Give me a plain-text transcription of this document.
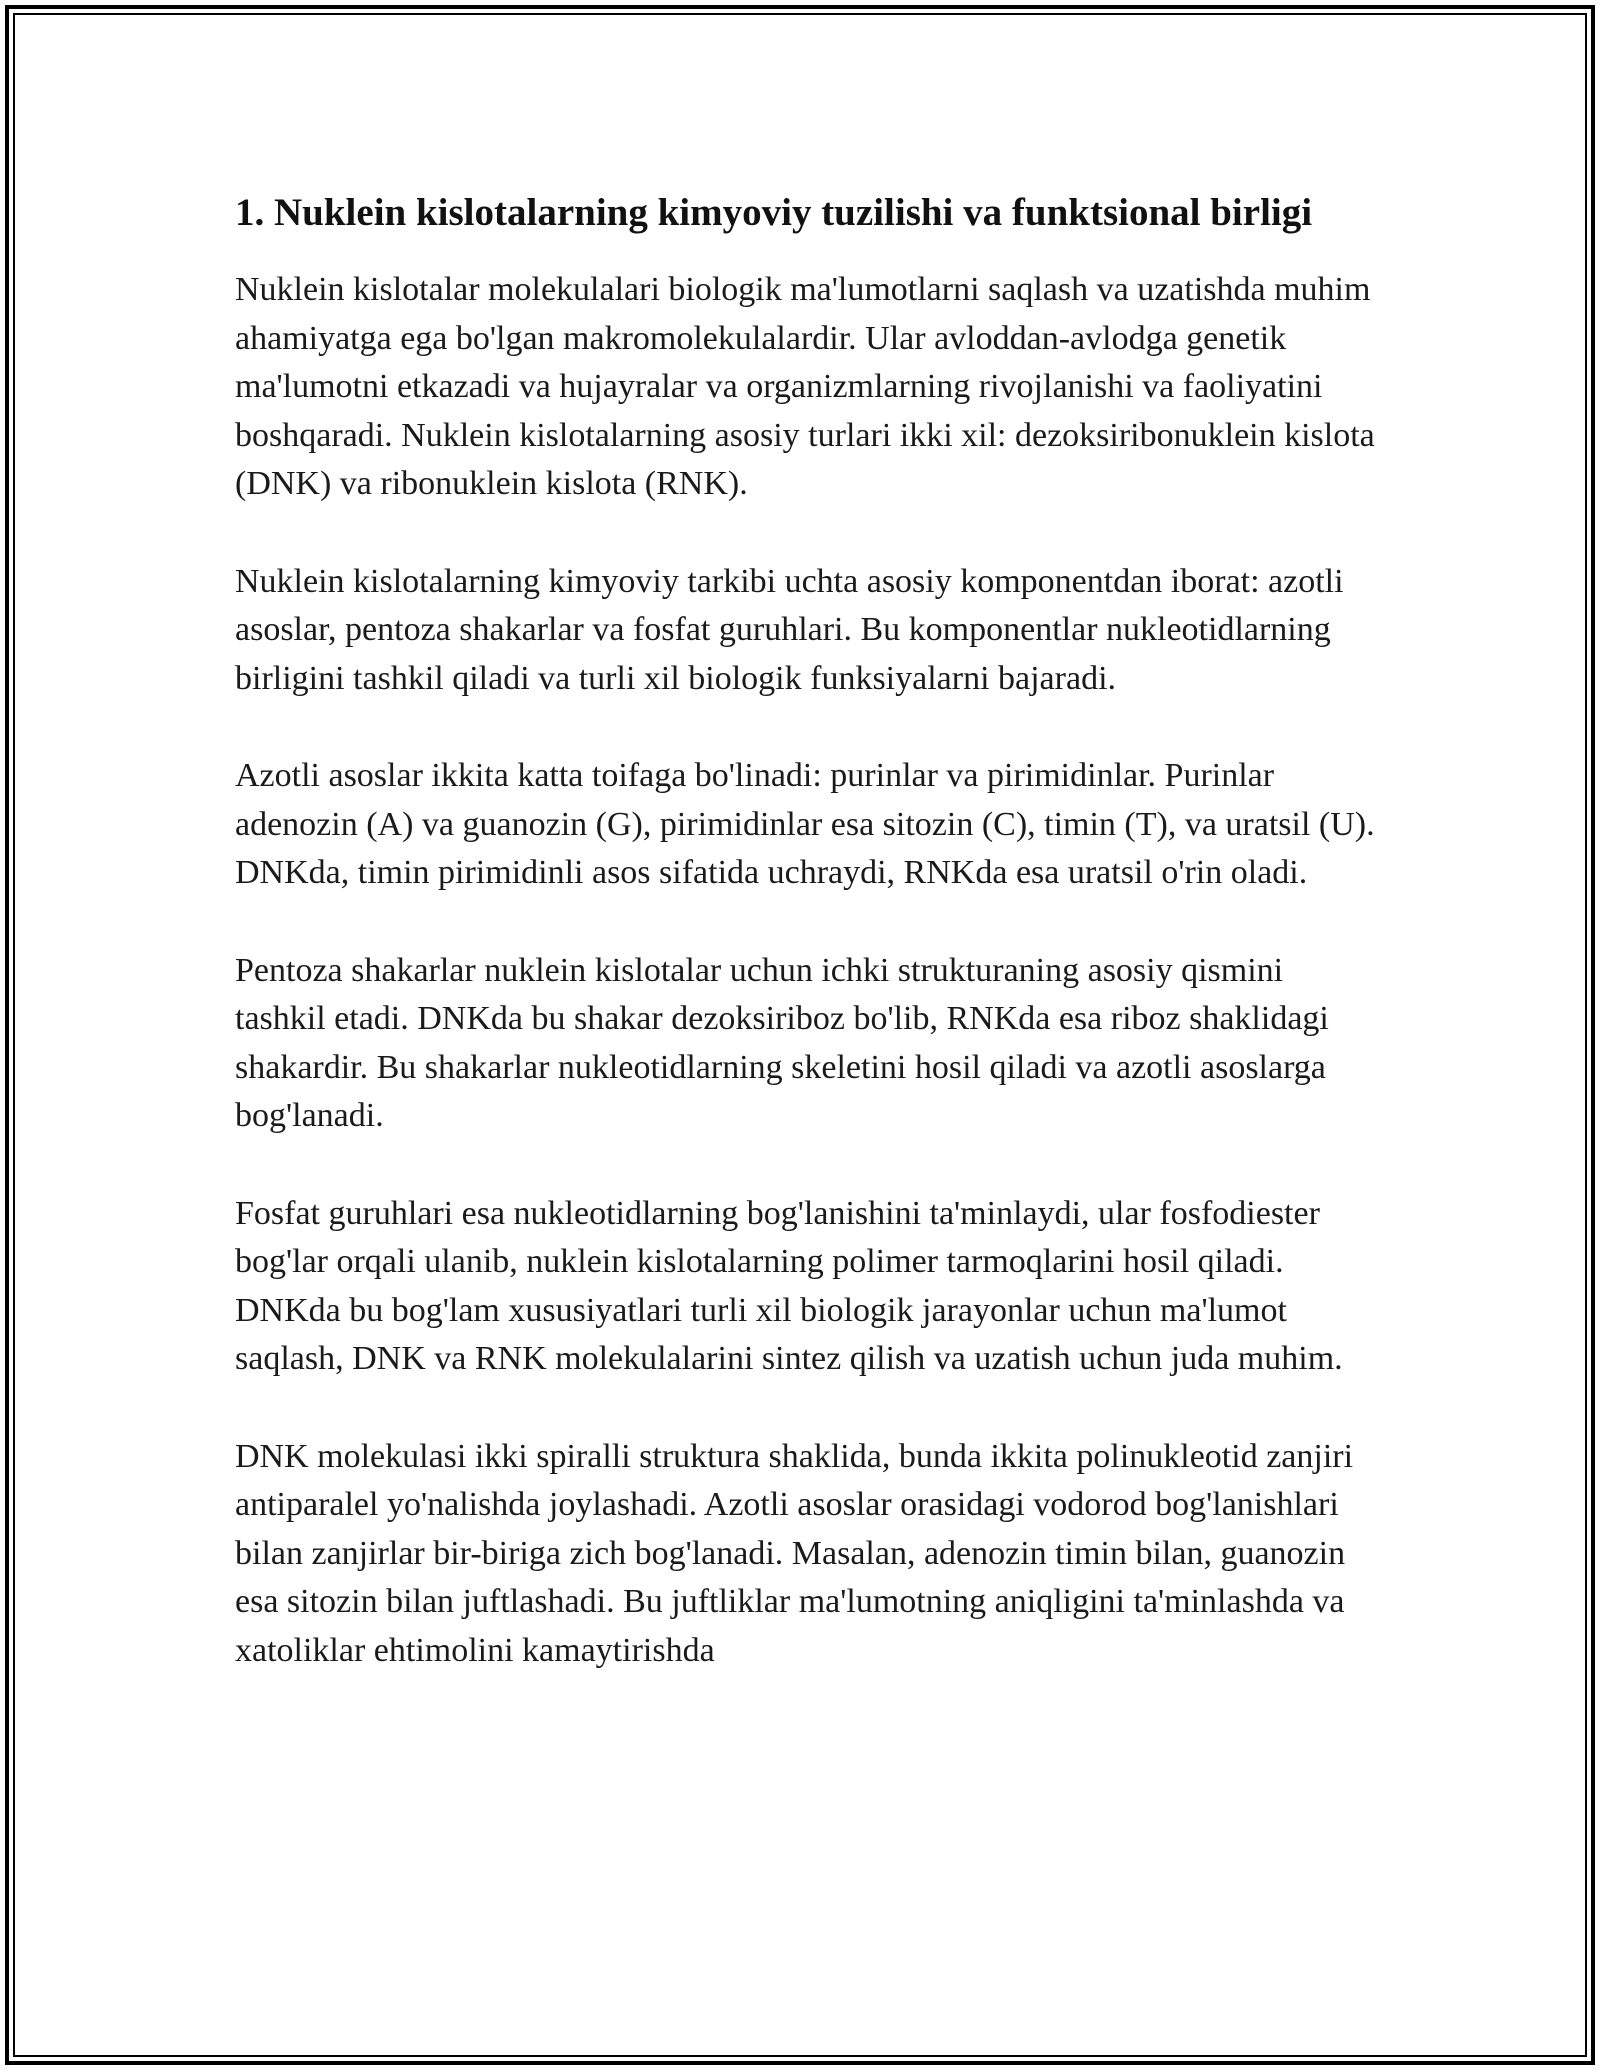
1. Nuklein kislotalarning kimyoviy tuzilishi va funktsional birligi

Nuklein kislotalar molekulalari biologik ma'lumotlarni saqlash va uzatishda muhim ahamiyatga ega bo'lgan makromolekulalardir. Ular avloddan-avlodga genetik ma'lumotni etkazadi va hujayralar va organizmlarning rivojlanishi va faoliyatini boshqaradi. Nuklein kislotalarning asosiy turlari ikki xil: dezoksiribonuklein kislota (DNK) va ribonuklein kislota (RNK).

Nuklein kislotalarning kimyoviy tarkibi uchta asosiy komponentdan iborat: azotli asoslar, pentoza shakarlar va fosfat guruhlari. Bu komponentlar nukleotidlarning birligini tashkil qiladi va turli xil biologik funksiyalarni bajaradi.

Azotli asoslar ikkita katta toifaga bo'linadi: purinlar va pirimidinlar. Purinlar adenozin (A) va guanozin (G), pirimidinlar esa sitozin (C), timin (T), va uratsil (U). DNKda, timin pirimidinli asos sifatida uchraydi, RNKda esa uratsil o'rin oladi.

Pentoza shakarlar nuklein kislotalar uchun ichki strukturaning asosiy qismini tashkil etadi. DNKda bu shakar dezoksiriboz bo'lib, RNKda esa riboz shaklidagi shakardir. Bu shakarlar nukleotidlarning skeletini hosil qiladi va azotli asoslarga bog'lanadi.

Fosfat guruhlari esa nukleotidlarning bog'lanishini ta'minlaydi, ular fosfodiester bog'lar orqali ulanib, nuklein kislotalarning polimer tarmoqlarini hosil qiladi. DNKda bu bog'lam xususiyatlari turli xil biologik jarayonlar uchun ma'lumot saqlash, DNK va RNK molekulalarini sintez qilish va uzatish uchun juda muhim.

DNK molekulasi ikki spiralli struktura shaklida, bunda ikkita polinukleotid zanjiri antiparalel yo'nalishda joylashadi. Azotli asoslar orasidagi vodorod bog'lanishlari bilan zanjirlar bir-biriga zich bog'lanadi. Masalan, adenozin timin bilan, guanozin esa sitozin bilan juftlashadi. Bu juftliklar ma'lumotning aniqligini ta'minlashda va xatoliklar ehtimolini kamaytirishda
